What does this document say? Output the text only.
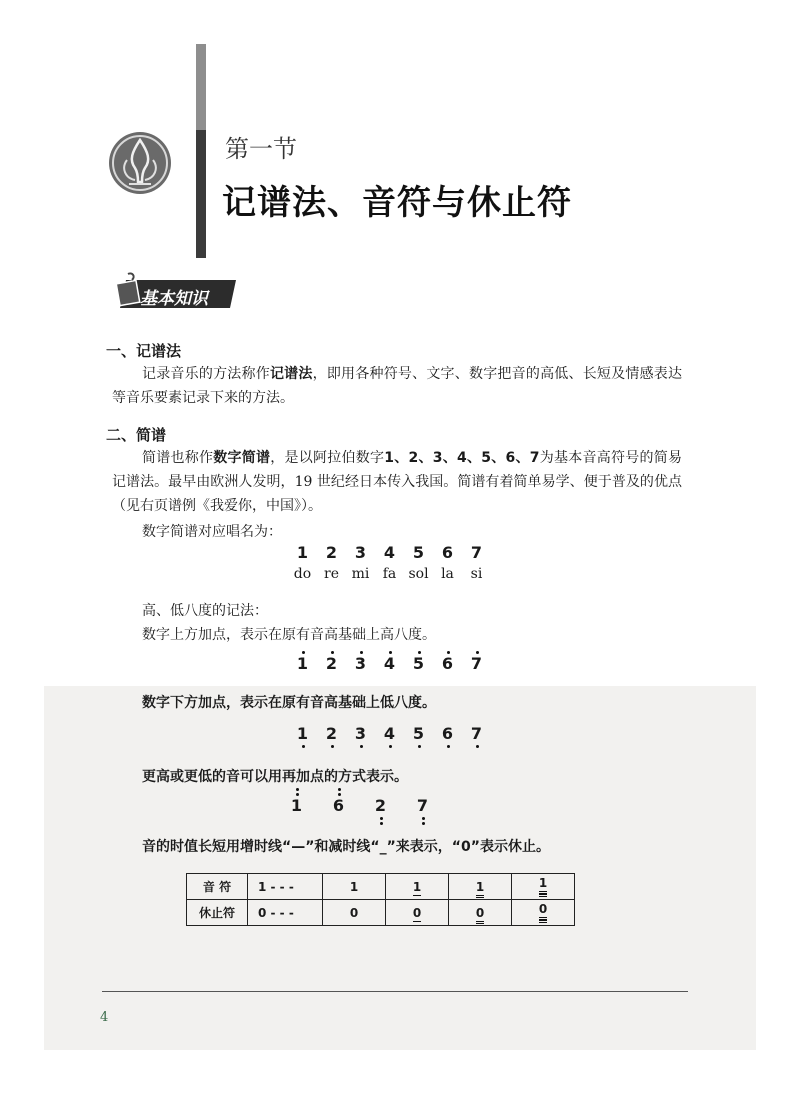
第一节
记谱法、音符与休止符
基本知识
一、记谱法

记录音乐的方法称作记谱法，即用各种符号、文字、数字把音的高低、长短及情感表达等音乐要素记录下来的方法。

二、简谱

简谱也称作数字简谱，是以阿拉伯数字1、2、3、4、5、6、7为基本音高符号的简易记谱法。最早由欧洲人发明，19 世纪经日本传入我国。简谱有着简单易学、便于普及的优点（见右页谱例《我爱你，中国》）。

数字简谱对应唱名为：
1	2	3	4	5	6	7
do re mi fa sol la	si
高、低八度的记法：
数字上方加点，表示在原有音高基础上高八度。
1	2	3	4	5	6	7
数字下方加点，表示在原有音高基础上低八度。
1	2	3	4	5	6	7
更高或更低的音可以用再加点的方式表示。
1	6	2	7
音的时值长短用增时线“—”和减时线“_”来表示，“0”表示休止。
音 符	1 - - -	1	1	1	1

休止符	0 - - -	0	0	0	0
4
